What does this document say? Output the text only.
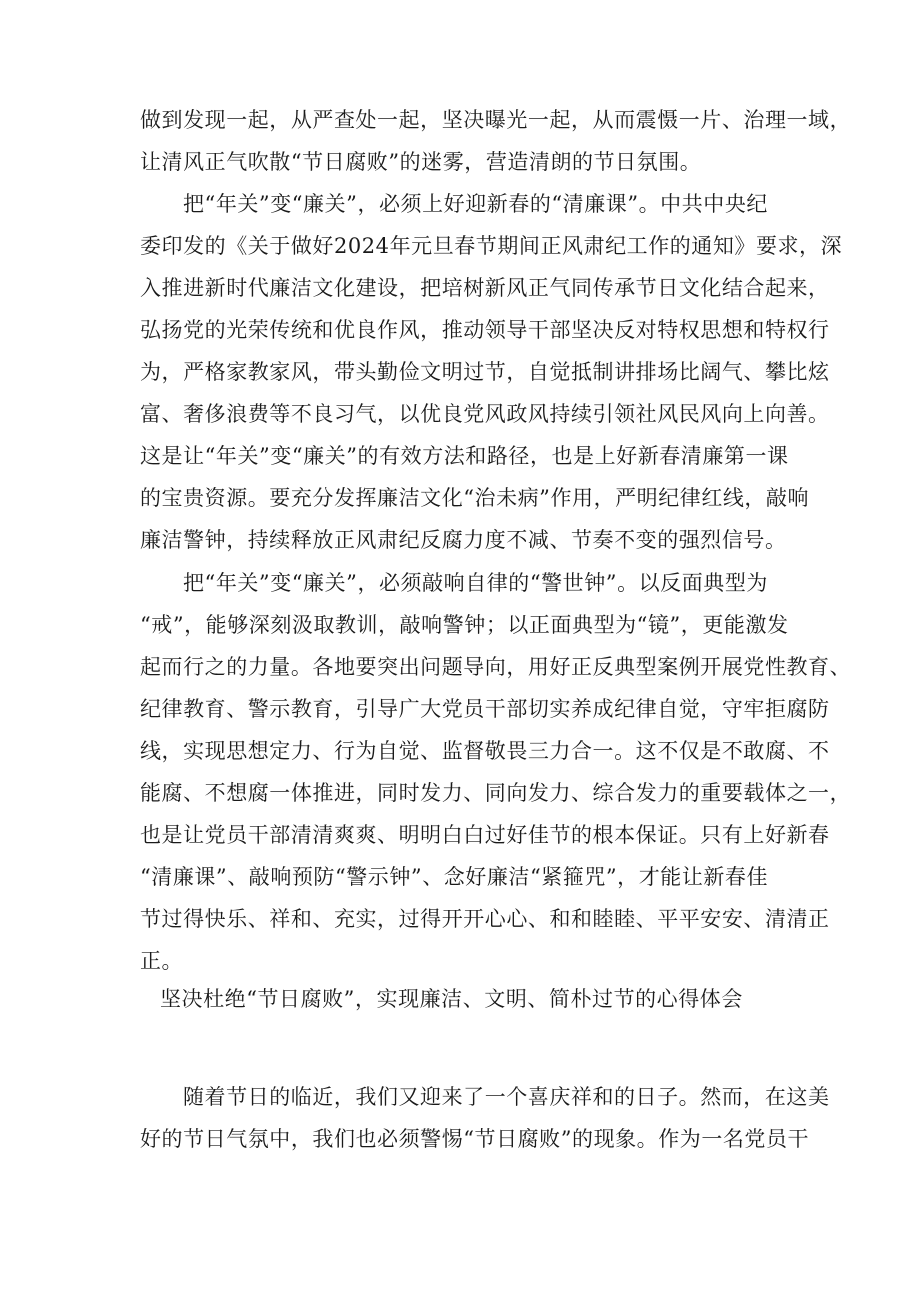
做到发现一起，从严查处一起，坚决曝光一起，从而震慑一片、治理一域，
让清风正气吹散“节日腐败”的迷雾，营造清朗的节日氛围。
把“年关”变“廉关”，必须上好迎新春的“清廉课”。中共中央纪
委印发的《关于做好2024年元旦春节期间正风肃纪工作的通知》要求，深
入推进新时代廉洁文化建设，把培树新风正气同传承节日文化结合起来，
弘扬党的光荣传统和优良作风，推动领导干部坚决反对特权思想和特权行
为，严格家教家风，带头勤俭文明过节，自觉抵制讲排场比阔气、攀比炫
富、奢侈浪费等不良习气，以优良党风政风持续引领社风民风向上向善。
这是让“年关”变“廉关”的有效方法和路径，也是上好新春清廉第一课
的宝贵资源。要充分发挥廉洁文化“治未病”作用，严明纪律红线，敲响
廉洁警钟，持续释放正风肃纪反腐力度不减、节奏不变的强烈信号。
把“年关”变“廉关”，必须敲响自律的“警世钟”。以反面典型为
“戒”，能够深刻汲取教训，敲响警钟；以正面典型为“镜”，更能激发
起而行之的力量。各地要突出问题导向，用好正反典型案例开展党性教育、
纪律教育、警示教育，引导广大党员干部切实养成纪律自觉，守牢拒腐防
线，实现思想定力、行为自觉、监督敬畏三力合一。这不仅是不敢腐、不
能腐、不想腐一体推进，同时发力、同向发力、综合发力的重要载体之一，
也是让党员干部清清爽爽、明明白白过好佳节的根本保证。只有上好新春
“清廉课”、敲响预防“警示钟”、念好廉洁“紧箍咒”，才能让新春佳
节过得快乐、祥和、充实，过得开开心心、和和睦睦、平平安安、清清正
正。
坚决杜绝“节日腐败”，实现廉洁、文明、简朴过节的心得体会
随着节日的临近，我们又迎来了一个喜庆祥和的日子。然而，在这美
好的节日气氛中，我们也必须警惕“节日腐败”的现象。作为一名党员干
